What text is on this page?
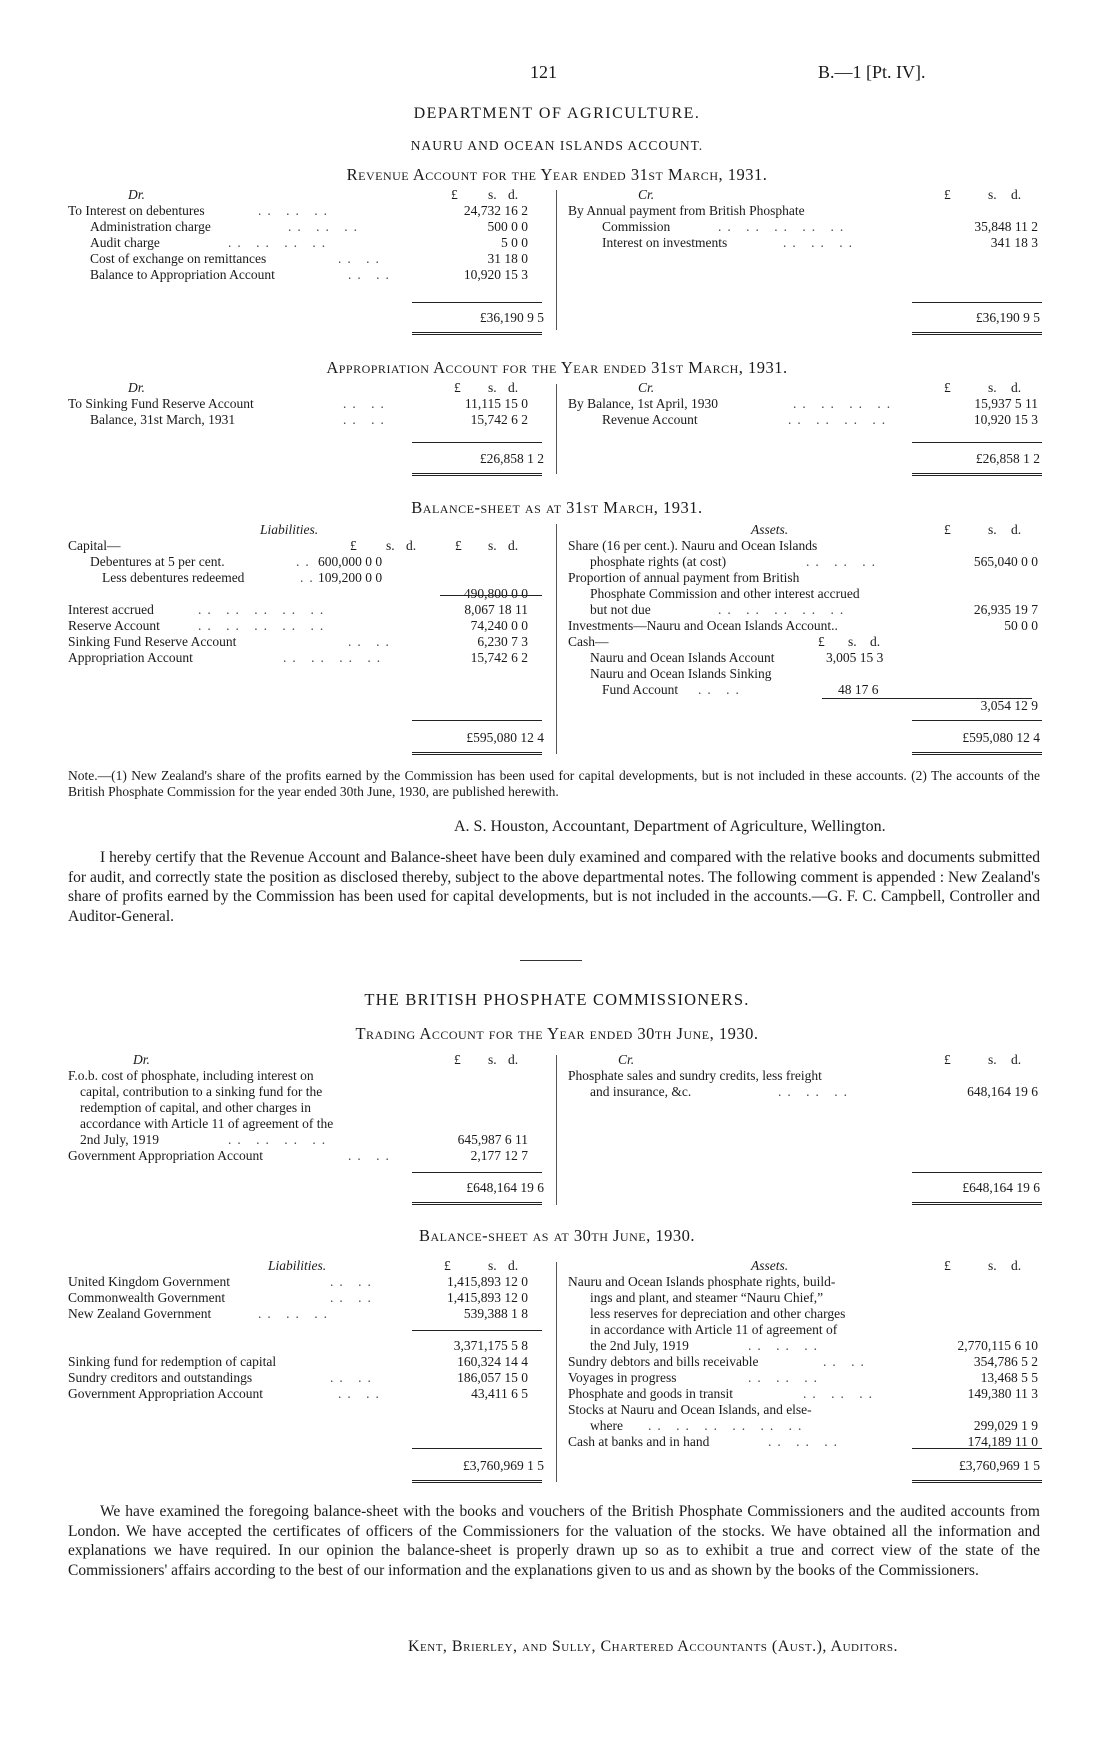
121	B.—1 [Pt. IV].
DEPARTMENT OF AGRICULTURE.
NAURU AND OCEAN ISLANDS ACCOUNT.
Revenue Account for the Year ended 31st March, 1931.
Dr.	£ s. d.
To Interest on debentures	.. .. ..	24,732 16 2
Administration charge	.. .. ..	500 0 0
Audit charge	.. .. .. ..	5 0 0
Cost of exchange on remittances	.. ..	31 18 0
Balance to Appropriation Account	.. ..	10,920 15 3
£36,190 9 5
Cr.	£	s. d.
By Annual payment from British Phosphate
Commission	.. .. .. .. ..	35,848 11 2
Interest on investments	.. .. ..	341 18 3
£36,190 9 5
Appropriation Account for the Year ended 31st March, 1931.
Dr.	£ s. d.
To Sinking Fund Reserve Account	.. ..	11,115 15 0
Balance, 31st March, 1931	.. ..	15,742 6 2
£26,858 1 2
Cr.	£	s. d.
By Balance, 1st April, 1930	.. .. .. ..	15,937 5 11
Revenue Account	.. .. .. ..	10,920 15 3
£26,858 1 2
Balance-sheet as at 31st March, 1931.
Liabilities.
£ s. d.	£ s. d.
Capital—
Debentures at 5 per cent.	.. 600,000 0 0
Less debentures redeemed	.. 109,200 0 0
490,800 0 0
Interest accrued	.. .. .. .. ..	8,067 18 11
Reserve Account	.. .. .. .. ..	74,240 0 0
Sinking Fund Reserve Account	.. ..	6,230 7 3
Appropriation Account	.. .. .. ..	15,742 6 2
£595,080 12 4
Assets.	£	s. d.
Share (16 per cent.). Nauru and Ocean Islands
phosphate rights (at cost)	.. .. ..	565,040 0 0
Proportion of annual payment from British
Phosphate Commission and other interest accrued
but not due	.. .. .. .. ..	26,935 19 7
Investments—Nauru and Ocean Islands Account..	50 0 0
Cash—	£ s. d.
Nauru and Ocean Islands Account	3,005 15 3
Nauru and Ocean Islands Sinking
Fund Account .. ..	48 17 6
3,054 12 9
£595,080 12 4
Note.—(1) New Zealand's share of the profits earned by the Commission has been used for capital developments, but is not included in these accounts. (2) The accounts of the British Phosphate Commission for the year ended 30th June, 1930, are published herewith.
A. S. Houston, Accountant, Department of Agriculture, Wellington.
I hereby certify that the Revenue Account and Balance-sheet have been duly examined and compared with the relative books and documents submitted for audit, and correctly state the position as disclosed thereby, subject to the above departmental notes. The following comment is appended : New Zealand's share of profits earned by the Commission has been used for capital developments, but is not included in the accounts.—G. F. C. Campbell, Controller and Auditor-General.
THE BRITISH PHOSPHATE COMMISSIONERS.
Trading Account for the Year ended 30th June, 1930.
Dr.	£ s. d.
F.o.b. cost of phosphate, including interest on
capital, contribution to a sinking fund for the
redemption of capital, and other charges in
accordance with Article 11 of agreement of the
2nd July, 1919	.. .. .. ..	645,987 6 11
Government Appropriation Account	.. ..	2,177 12 7
£648,164 19 6
Cr.	£	s. d.
Phosphate sales and sundry credits, less freight
and insurance, &c.	.. .. ..	648,164 19 6
£648,164 19 6
Balance-sheet as at 30th June, 1930.
Liabilities.	£	s. d.
United Kingdom Government	.. ..	1,415,893 12 0
Commonwealth Government	.. ..	1,415,893 12 0
New Zealand Government	.. .. ..	539,388 1 8
3,371,175 5 8
Sinking fund for redemption of capital	160,324 14 4
Sundry creditors and outstandings	.. ..	186,057 15 0
Government Appropriation Account	.. ..	43,411 6 5
£3,760,969 1 5
Assets.	£	s. d.
Nauru and Ocean Islands phosphate rights, build-
ings and plant, and steamer “Nauru Chief,”
less reserves for depreciation and other charges
in accordance with Article 11 of agreement of
the 2nd July, 1919	.. .. ..	2,770,115 6 10
Sundry debtors and bills receivable	.. ..	354,786 5 2
Voyages in progress	.. .. ..	13,468 5 5
Phosphate and goods in transit	.. .. ..	149,380 11 3
Stocks at Nauru and Ocean Islands, and else-
where .. .. .. .. .. ..	299,029 1 9
Cash at banks and in hand	.. .. ..	174,189 11 0
£3,760,969 1 5
We have examined the foregoing balance-sheet with the books and vouchers of the British Phosphate Commissioners and the audited accounts from London. We have accepted the certificates of officers of the Commissioners for the valuation of the stocks. We have obtained all the information and explanations we have required. In our opinion the balance-sheet is properly drawn up so as to exhibit a true and correct view of the state of the Commissioners' affairs according to the best of our information and the explanations given to us and as shown by the books of the Commissioners.
Kent, Brierley, and Sully, Chartered Accountants (Aust.), Auditors.
